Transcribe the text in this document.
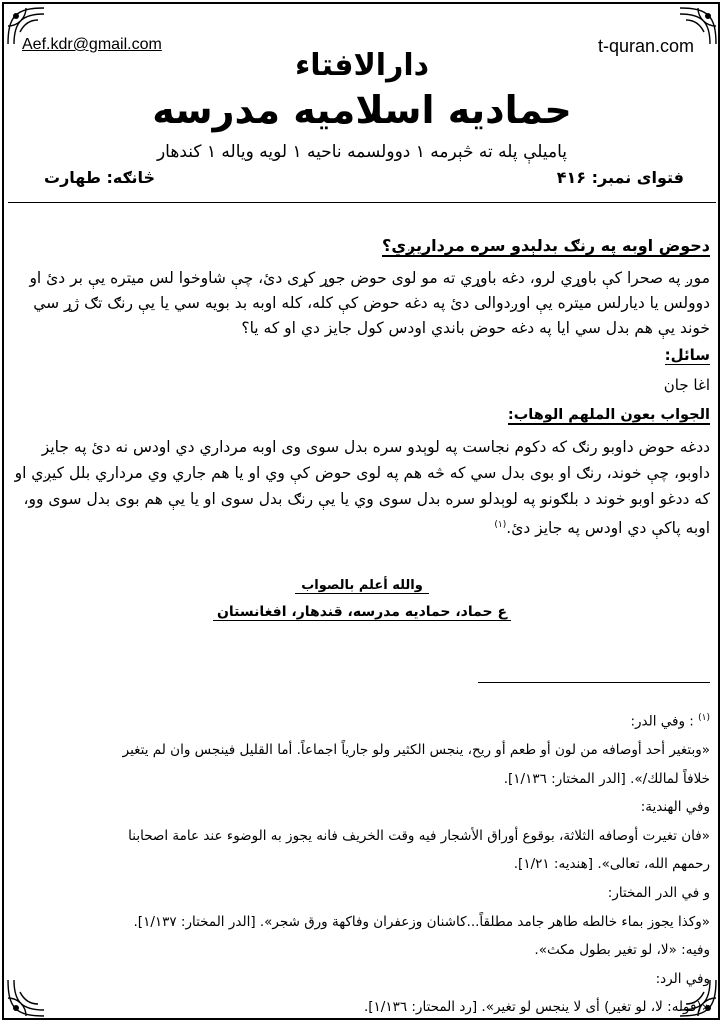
Aef.kdr@gmail.com	t-quran.com
دارالافتاء
حمادیه اسلامیه مدرسه
پامیلې پله ته څېرمه ۱ دوولسمه ناحیه ۱ لویه ویاله ۱ کندهار
فتوای نمبر: ۴۱۶
څانګه: طهارت
دحوض اوبه په رنګ بدلېدو سره مرداريږي؟
موږ په صحرا کې باوړي لرو، دغه باوړي ته مو لوی حوض جوړ کړی دئ، چې شاوخوا لس میتره یې بر دئ او دوولس یا دیارلس میتره یې اوږدوالی دئ په دغه حوض کې کله، کله اوبه بد بویه سي یا یې رنګ تګ ژړ سي خوند یې هم بدل سي ایا په دغه حوض باندي اودس کول جایز دي او که یا؟
سائل:
اغا جان
الجواب بعون الملهم الوهاب:
ددغه حوض داوبو رنګ که دکوم نجاست په لوېدو سره بدل سوی وی اوبه مرداري دي اودس نه دئ په جایز داوبو، چې خوند، رنګ او بوی بدل سي که څه هم په لوی حوض کې وي او یا هم جاري وي مرداري بلل کیږي او که ددغو اوبو خوند د بلګونو په لوېدلو سره بدل سوی وي یا یې رنګ بدل سوی او یا یې هم بوی بدل سوی وو، اوبه پاکې دي اودس په جایز دئ.$^{(۱)}$
والله أعلم بالصواب
ع حماد، حمادیه مدرسه، قندهار، افغانستان

$^{(۱)}$ : وفي الدر:

«وبتغير أحد أوصافه من لون أو طعم أو ريح، ينجس الكثير ولو جارياً اجماعاً. أما القليل فينجس وان لم يتغير

خلافاً لمالك/». [الدر المختار: ١/١٣٦].

وفي الهندية:

«فان تغيرت أوصافه الثلاثة، بوقوع أوراق الأشجار فيه وقت الخريف فانه يجوز به الوضوء عند عامة اصحابنا

رحمهم الله، تعالى». [هنديه: ١/٢١].

و في الدر المختار:

«وكذا يجوز بماء خالطه طاهر جامد مطلقاً...كاشنان وزعفران وفاكهة ورق شجر». [الدر المختار: ١/١٣٧].

وفيه: «لا، لو تغير بطول مكث».

وفي الرد:

«(قوله: لا، لو تغير) أى لا ينجس لو تغير». [رد المحتار: ١/١٣٦].
